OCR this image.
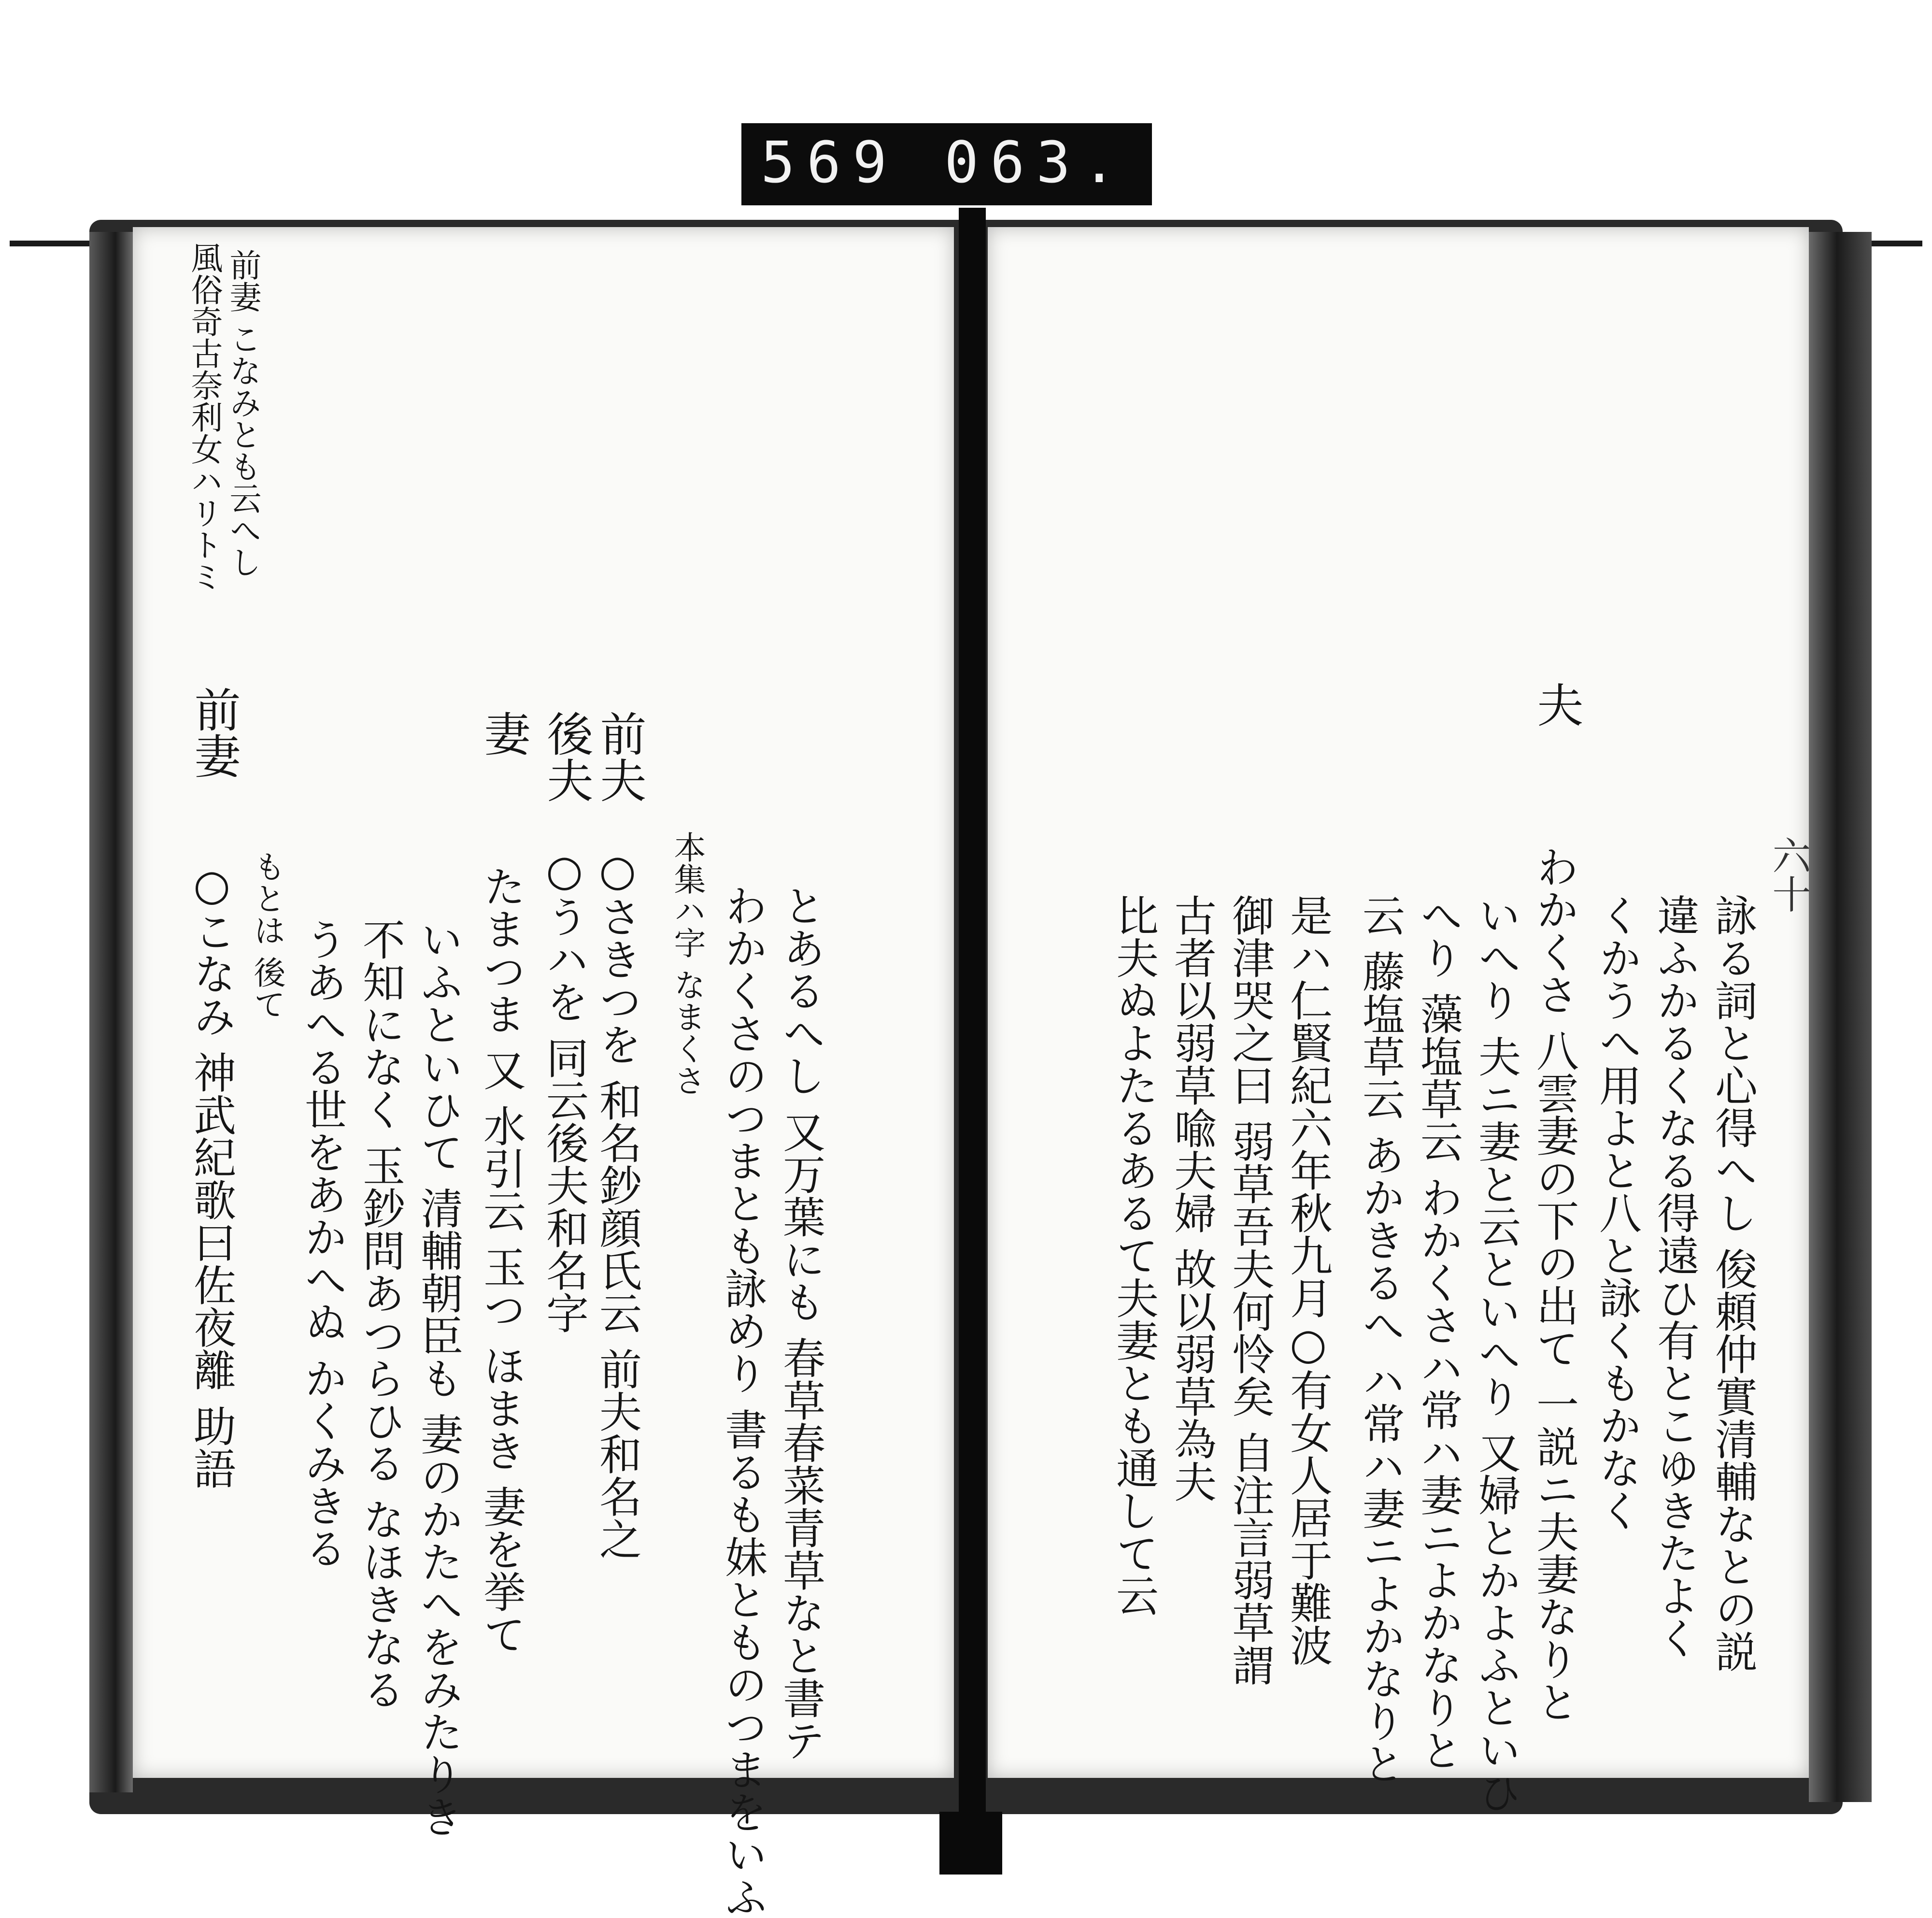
569 063.
前妻 こなみとも云へし
風俗奇古奈利女ハリトミ
前夫
後夫
妻
前妻
とあるへし 又万葉にも 春草春菜青草なと書テ
わかくさのつまとも詠めり 書るも妹とものつまをいふ
本集ハ字 なまくさ
○さきつを 和名鈔顔氏云 前夫和名之
○うハを 同云後夫和名字
たまつま 又 水引云 玉つ ほまき 妻を挙て
いふといひて 清輔朝臣も 妻のかたへをみたりき
不知になく 玉鈔問あつらひる なほきなる
うあへる世をあかへぬ かくみきる
もとは 後て
○こなみ 神武紀歌曰佐夜離 助語
夫
六十
詠る詞と心得へし 俊頼仲實清輔なとの説
違ふかるくなる得遠ひ有とこゆきたよく
くかうへ用よと八と詠くもかなく
わかくさ 八雲妻の下の出て 一説ニ夫妻なりと
いへり 夫ニ妻と云といへり 又婦とかよふといひ
へり 藻塩草云 わかくさハ常ハ妻ニよかなりと
云 藤塩草云 あかきるへ ハ常ハ妻ニよかなりと
是ハ仁賢紀六年秋九月○有女人居于難波
御津哭之曰 弱草吾夫何怜矣 自注言弱草謂
古者以弱草喩夫婦 故以弱草為夫
比夫ぬよたるあるて夫妻とも通して云
